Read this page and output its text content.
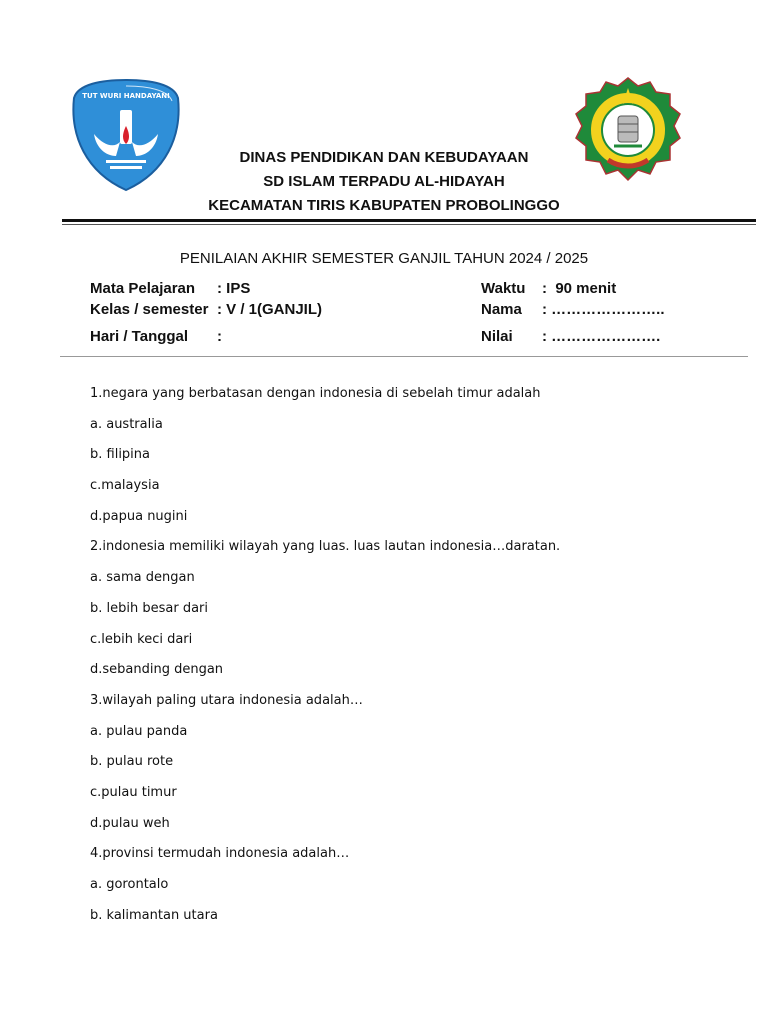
TUT WURI HANDAYANI
DINAS PENDIDIKAN DAN KEBUDAYAAN
SD ISLAM TERPADU AL-HIDAYAH
KECAMATAN TIRIS KABUPATEN PROBOLINGGO
PENILAIAN AKHIR SEMESTER GANJIL TAHUN 2024 / 2025
Mata Pelajaran : IPS
Kelas / semester : V / 1(GANJIL)
Hari / Tanggal :
Waktu :  90 menit
Nama : …………………..
Nilai : ………………….
1.negara yang berbatasan dengan indonesia di sebelah timur adalah
a. australia
b. filipina
c.malaysia
d.papua nugini
2.indonesia memiliki wilayah yang luas. luas lautan indonesia…daratan.
a. sama dengan
b. lebih besar dari
c.lebih keci dari
d.sebanding dengan
3.wilayah paling utara indonesia adalah…
a. pulau panda
b. pulau rote
c.pulau timur
d.pulau weh
4.provinsi termudah indonesia adalah…
a. gorontalo
b. kalimantan utara
